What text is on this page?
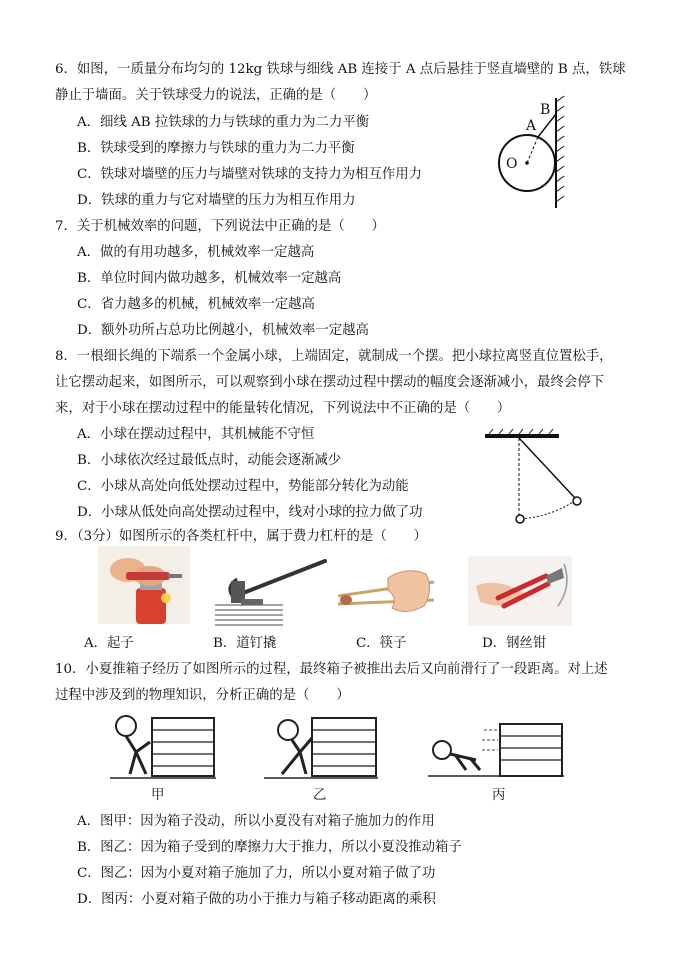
6．如图，一质量分布均匀的 12kg 铁球与细线 AB 连接于 A 点后悬挂于竖直墙壁的 B 点，铁球
静止于墙面。关于铁球受力的说法，正确的是（　　）
A．细线 AB 拉铁球的力与铁球的重力为二力平衡
B．铁球受到的摩擦力与铁球的重力为二力平衡
C．铁球对墙壁的压力与墙壁对铁球的支持力为相互作用力
D．铁球的重力与它对墙壁的压力为相互作用力
A
B
O
7．关于机械效率的问题，下列说法中正确的是（　　）
A．做的有用功越多，机械效率一定越高
B．单位时间内做功越多，机械效率一定越高
C．省力越多的机械，机械效率一定越高
D．额外功所占总功比例越小，机械效率一定越高
8．一根细长绳的下端系一个金属小球，上端固定，就制成一个摆。把小球拉离竖直位置松手，
让它摆动起来，如图所示，可以观察到小球在摆动过程中摆动的幅度会逐渐减小，最终会停下
来，对于小球在摆动过程中的能量转化情况，下列说法中不正确的是（　　）
A．小球在摆动过程中，其机械能不守恒
B．小球依次经过最低点时，动能会逐渐减少
C．小球从高处向低处摆动过程中，势能部分转化为动能
D．小球从低处向高处摆动过程中，线对小球的拉力做了功
9．（3分）如图所示的各类杠杆中，属于费力杠杆的是（　　）
A．起子	B．道钉撬	C．筷子	D．钢丝钳
10．小夏推箱子经历了如图所示的过程，最终箱子被推出去后又向前滑行了一段距离。对上述
过程中涉及到的物理知识，分析正确的是（　　）
甲	乙	丙
A．图甲：因为箱子没动，所以小夏没有对箱子施加力的作用
B．图乙：因为箱子受到的摩擦力大于推力，所以小夏没推动箱子
C．图乙：因为小夏对箱子施加了力，所以小夏对箱子做了功
D．图丙：小夏对箱子做的功小于推力与箱子移动距离的乘积
